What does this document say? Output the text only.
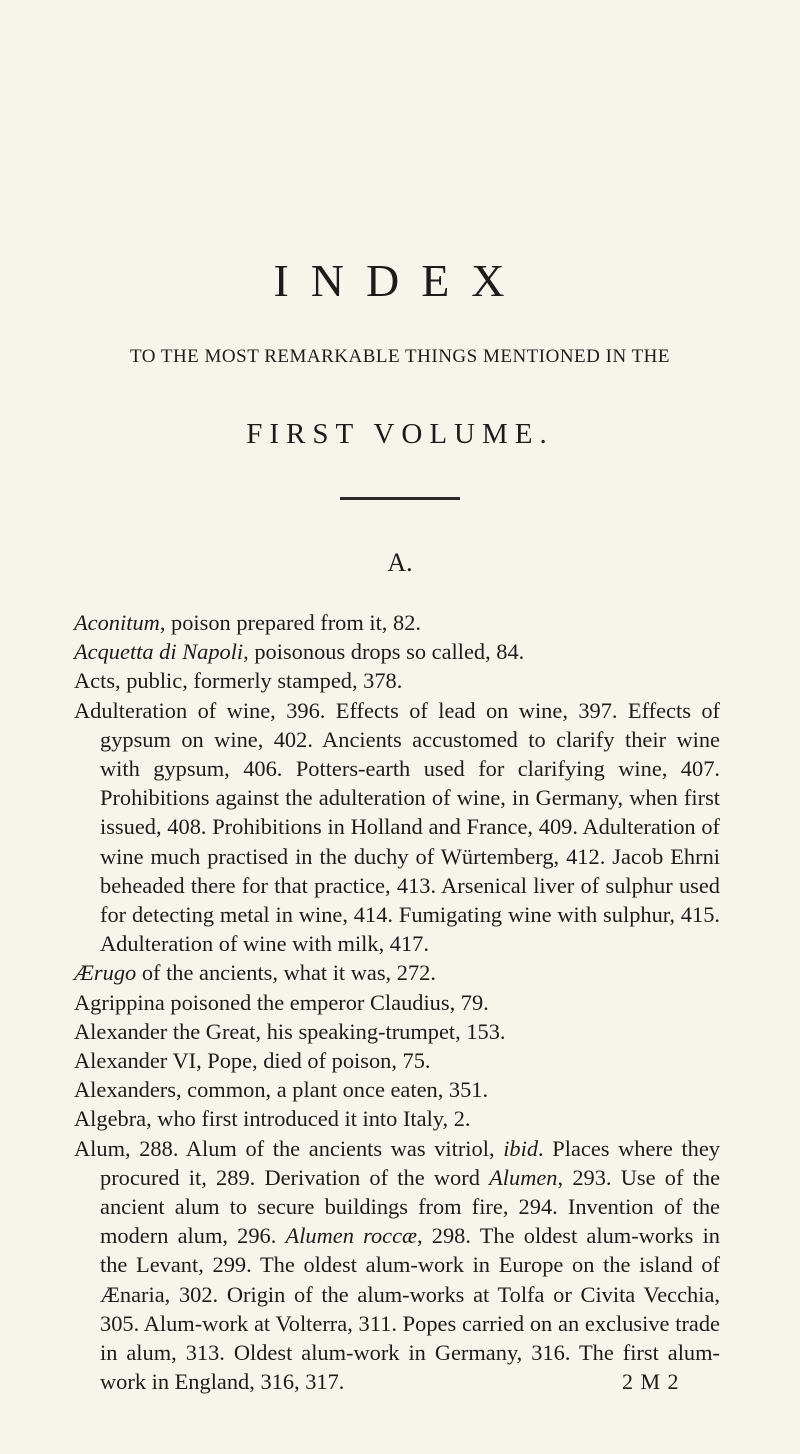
INDEX

TO THE MOST REMARKABLE THINGS MENTIONED IN THE

FIRST VOLUME.

A.

Aconitum, poison prepared from it, 82.

Acquetta di Napoli, poisonous drops so called, 84.

Acts, public, formerly stamped, 378.

Adulteration of wine, 396. Effects of lead on wine, 397. Effects of gypsum on wine, 402. Ancients accustomed to clarify their wine with gypsum, 406. Potters-earth used for clarifying wine, 407. Prohibitions against the adulteration of wine, in Germany, when first issued, 408. Prohibitions in Holland and France, 409. Adulteration of wine much practised in the duchy of Würtemberg, 412. Jacob Ehrni beheaded there for that practice, 413. Arsenical liver of sulphur used for detecting metal in wine, 414. Fumigating wine with sulphur, 415. Adulteration of wine with milk, 417.

Ærugo of the ancients, what it was, 272.

Agrippina poisoned the emperor Claudius, 79.

Alexander the Great, his speaking-trumpet, 153.

Alexander VI, Pope, died of poison, 75.

Alexanders, common, a plant once eaten, 351.

Algebra, who first introduced it into Italy, 2.

Alum, 288. Alum of the ancients was vitriol, ibid. Places where they procured it, 289. Derivation of the word Alumen, 293. Use of the ancient alum to secure buildings from fire, 294. Invention of the modern alum, 296. Alumen roccæ, 298. The oldest alum-works in the Levant, 299. The oldest alum-work in Europe on the island of Ænaria, 302. Origin of the alum-works at Tolfa or Civita Vecchia, 305. Alum-work at Volterra, 311. Popes carried on an exclusive trade in alum, 313. Oldest alum-work in Germany, 316. The first alum-work in England, 316, 317.	2 M 2
